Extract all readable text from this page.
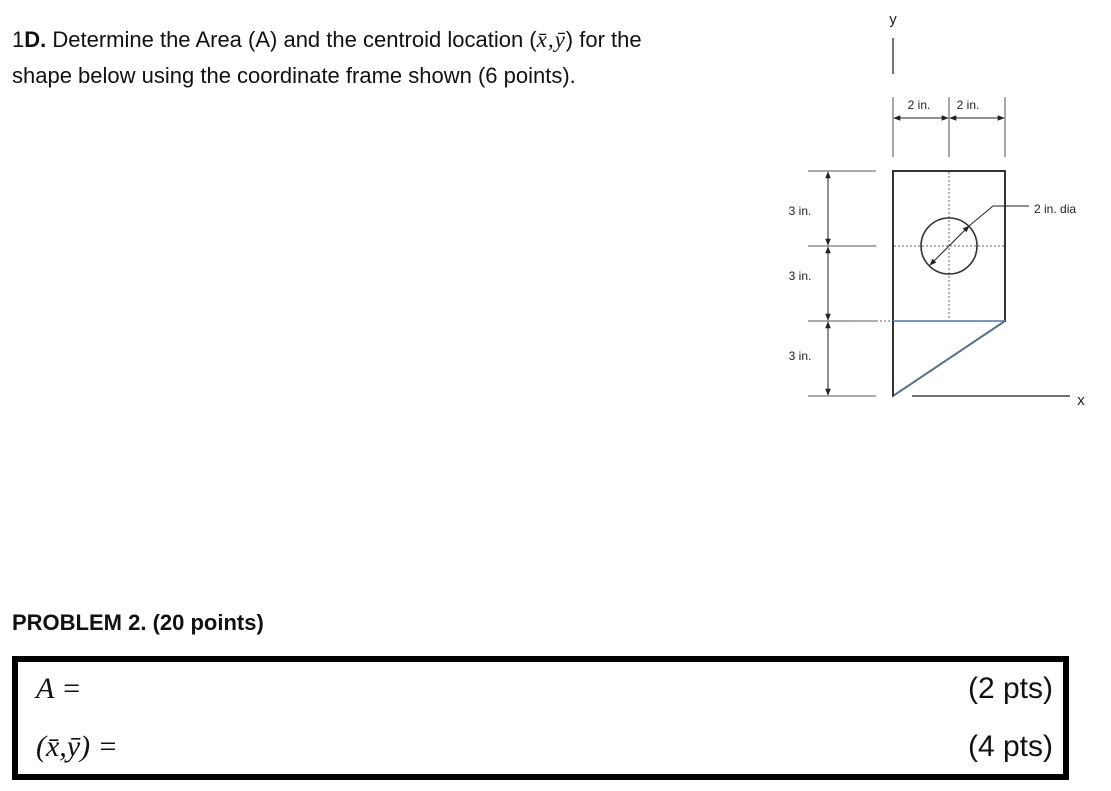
1D. Determine the Area (A) and the centroid location (x̄,ȳ) for the
shape below using the coordinate frame shown (6 points).
y
x
2 in. 2 in.
3 in.
3 in.
3 in.
2 in. dia
PROBLEM 2. (20 points)
A =	(2 pts)
(x̄,ȳ) =	(4 pts)
